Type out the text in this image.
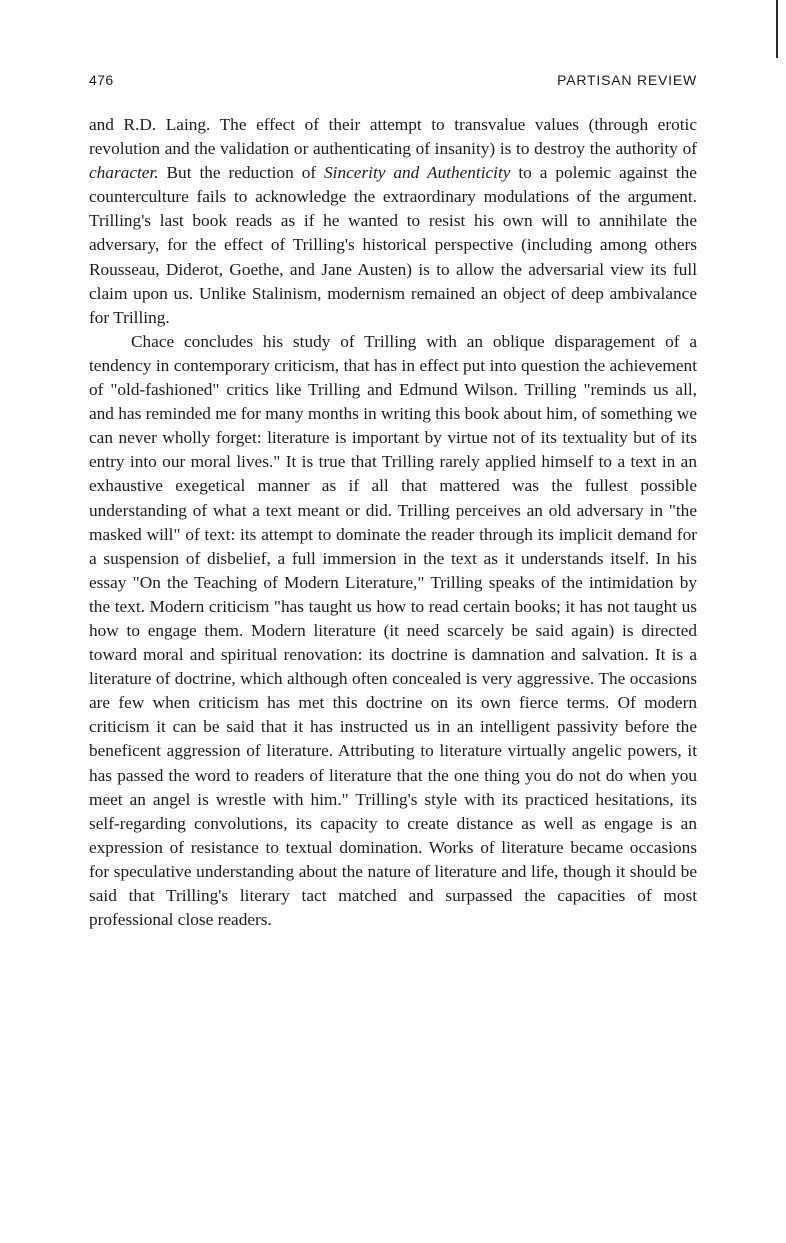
476	PARTISAN REVIEW

and R.D. Laing. The effect of their attempt to transvalue values (through erotic revolution and the validation or authenticating of insanity) is to destroy the authority of character. But the reduction of Sincerity and Authenticity to a polemic against the counterculture fails to acknowledge the extraordinary modulations of the argument. Trilling's last book reads as if he wanted to resist his own will to annihilate the adversary, for the effect of Trilling's historical perspective (including among others Rousseau, Diderot, Goethe, and Jane Austen) is to allow the adversarial view its full claim upon us. Unlike Stalinism, modernism remained an object of deep ambivalance for Trilling.

Chace concludes his study of Trilling with an oblique disparagement of a tendency in contemporary criticism, that has in effect put into question the achievement of "old-fashioned" critics like Trilling and Edmund Wilson. Trilling "reminds us all, and has reminded me for many months in writing this book about him, of something we can never wholly forget: literature is important by virtue not of its textuality but of its entry into our moral lives." It is true that Trilling rarely applied himself to a text in an exhaustive exegetical manner as if all that mattered was the fullest possible understanding of what a text meant or did. Trilling perceives an old adversary in "the masked will" of text: its attempt to dominate the reader through its implicit demand for a suspension of disbelief, a full immersion in the text as it understands itself. In his essay "On the Teaching of Modern Literature," Trilling speaks of the intimidation by the text. Modern criticism "has taught us how to read certain books; it has not taught us how to engage them. Modern literature (it need scarcely be said again) is directed toward moral and spiritual renovation: its doctrine is damnation and salvation. It is a literature of doctrine, which although often concealed is very aggressive. The occasions are few when criticism has met this doctrine on its own fierce terms. Of modern criticism it can be said that it has instructed us in an intelligent passivity before the beneficent aggression of literature. Attributing to literature virtually angelic powers, it has passed the word to readers of literature that the one thing you do not do when you meet an angel is wrestle with him." Trilling's style with its practiced hesitations, its self-regarding convolutions, its capacity to create distance as well as engage is an expression of resistance to textual domination. Works of literature became occasions for speculative understanding about the nature of literature and life, though it should be said that Trilling's literary tact matched and surpassed the capacities of most professional close readers.
